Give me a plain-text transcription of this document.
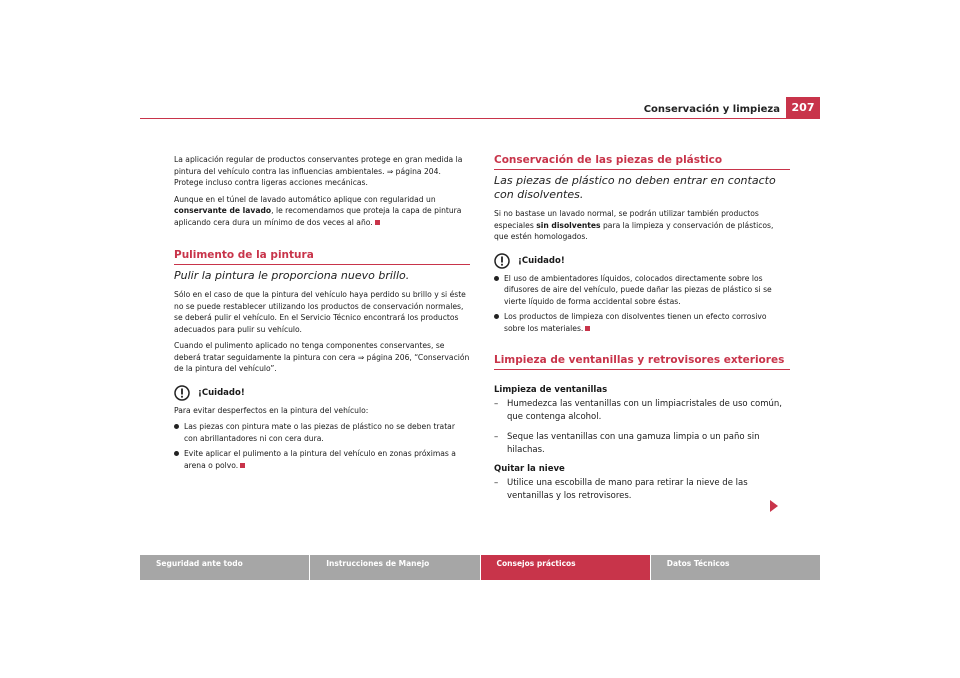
Conservación y limpieza	207

La aplicación regular de productos conservantes protege en gran medida la pintura del vehículo contra las influencias ambientales. ⇒ página 204. Protege incluso contra ligeras acciones mecánicas.

Aunque en el túnel de lavado automático aplique con regularidad un conservante de lavado, le recomendamos que proteja la capa de pintura aplicando cera dura un mínimo de dos veces al año.

Pulimento de la pintura
Pulir la pintura le proporciona nuevo brillo.

Sólo en el caso de que la pintura del vehículo haya perdido su brillo y si éste no se puede restablecer utilizando los productos de conservación normales, se deberá pulir el vehículo. En el Servicio Técnico encontrará los productos adecuados para pulir su vehículo.

Cuando el pulimento aplicado no tenga componentes conservantes, se deberá tratar seguidamente la pintura con cera ⇒ página 206, “Conservación de la pintura del vehículo”.

¡Cuidado!

Para evitar desperfectos en la pintura del vehículo:

Las piezas con pintura mate o las piezas de plástico no se deben tratar con abrillantadores ni con cera dura.
Evite aplicar el pulimento a la pintura del vehículo en zonas próximas a arena o polvo.
Conservación de las piezas de plástico
Las piezas de plástico no deben entrar en contacto con disolventes.

Si no bastase un lavado normal, se podrán utilizar también productos especiales sin disolventes para la limpieza y conservación de plásticos, que estén homologados.

¡Cuidado!
El uso de ambientadores líquidos, colocados directamente sobre los difusores de aire del vehículo, puede dañar las piezas de plástico si se vierte líquido de forma accidental sobre éstas.
Los productos de limpieza con disolventes tienen un efecto corrosivo sobre los materiales.
Limpieza de ventanillas y retrovisores exteriores
Limpieza de ventanillas
– Humedezca las ventanillas con un limpiacristales de uso común, que contenga alcohol.
– Seque las ventanillas con una gamuza limpia o un paño sin hilachas.
Quitar la nieve
– Utilice una escobilla de mano para retirar la nieve de las ventanillas y los retrovisores.
Seguridad ante todo	Instrucciones de Manejo	Consejos prácticos	Datos Técnicos
